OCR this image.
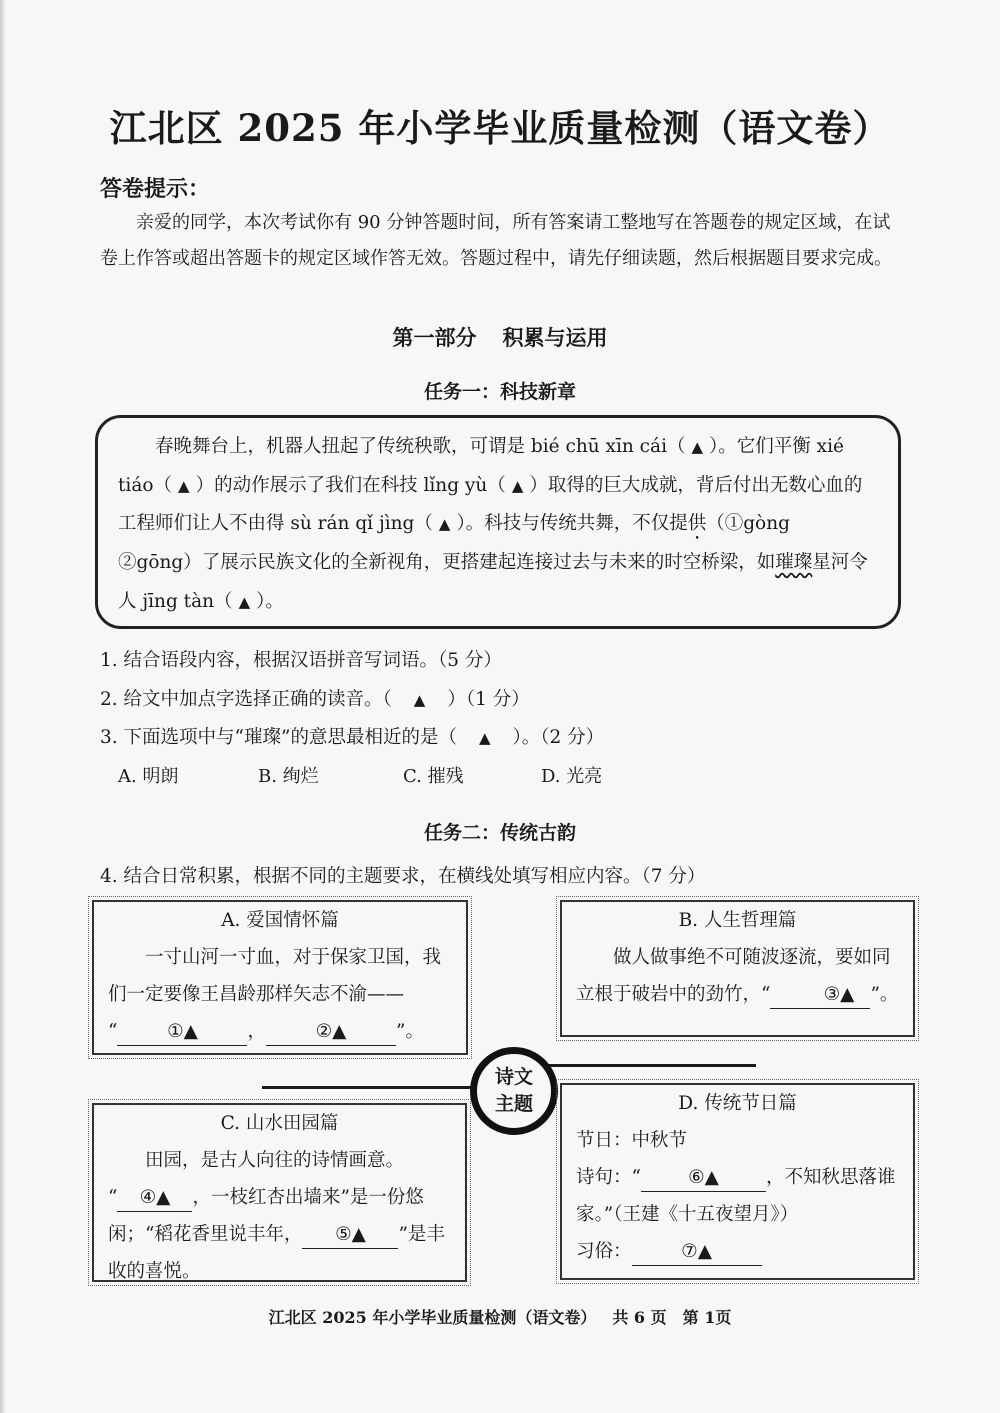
江北区 2025 年小学毕业质量检测（语文卷）
答卷提示：
亲爱的同学，本次考试你有 90 分钟答题时间，所有答案请工整地写在答题卷的规定区域，在试卷上作答或超出答题卡的规定区域作答无效。答题过程中，请先仔细读题，然后根据题目要求完成。
第一部分 积累与运用
任务一：科技新章
春晚舞台上，机器人扭起了传统秧歌，可谓是 bié chū xīn cái（ ▲ ）。它们平衡 xié tiáo（ ▲ ）的动作展示了我们在科技 lǐng yù（ ▲ ）取得的巨大成就，背后付出无数心血的工程师们让人不由得 sù rán qǐ jìng（ ▲ ）。科技与传统共舞，不仅提供（①gòng　②gōng）了展示民族文化的全新视角，更搭建起连接过去与未来的时空桥梁，如璀璨星河令人 jīng tàn（ ▲ ）。
1. 结合语段内容，根据汉语拼音写词语。（5 分）
2. 给文中加点字选择正确的读音。（ ▲ ）（1 分）
3. 下面选项中与“璀璨”的意思最相近的是（ ▲ ）。（2 分）
A. 明朗	B. 绚烂	C. 摧残	D. 光亮
任务二：传统古韵
4. 结合日常积累，根据不同的主题要求，在横线处填写相应内容。（7 分）
A. 爱国情怀篇

一寸山河一寸血，对于保家卫国，我们一定要像王昌龄那样矢志不渝——

“	①▲	，	②▲	”。

B. 人生哲理篇

做人做事绝不可随波逐流，要如同立根于破岩中的劲竹，“	③▲ ”。

诗文
主题
C. 山水田园篇

田园，是古人向往的诗情画意。

“ ④▲ ，一枝红杏出墙来”是一份悠闲；“稻花香里说丰年， ⑤▲ ”是丰收的喜悦。

D. 传统节日篇

节日：中秋节

诗句：“	⑥▲	，不知秋思落谁家。”（王建《十五夜望月》）

习俗：	⑦▲

江北区 2025 年小学毕业质量检测（语文卷） 共 6 页 第 1页
